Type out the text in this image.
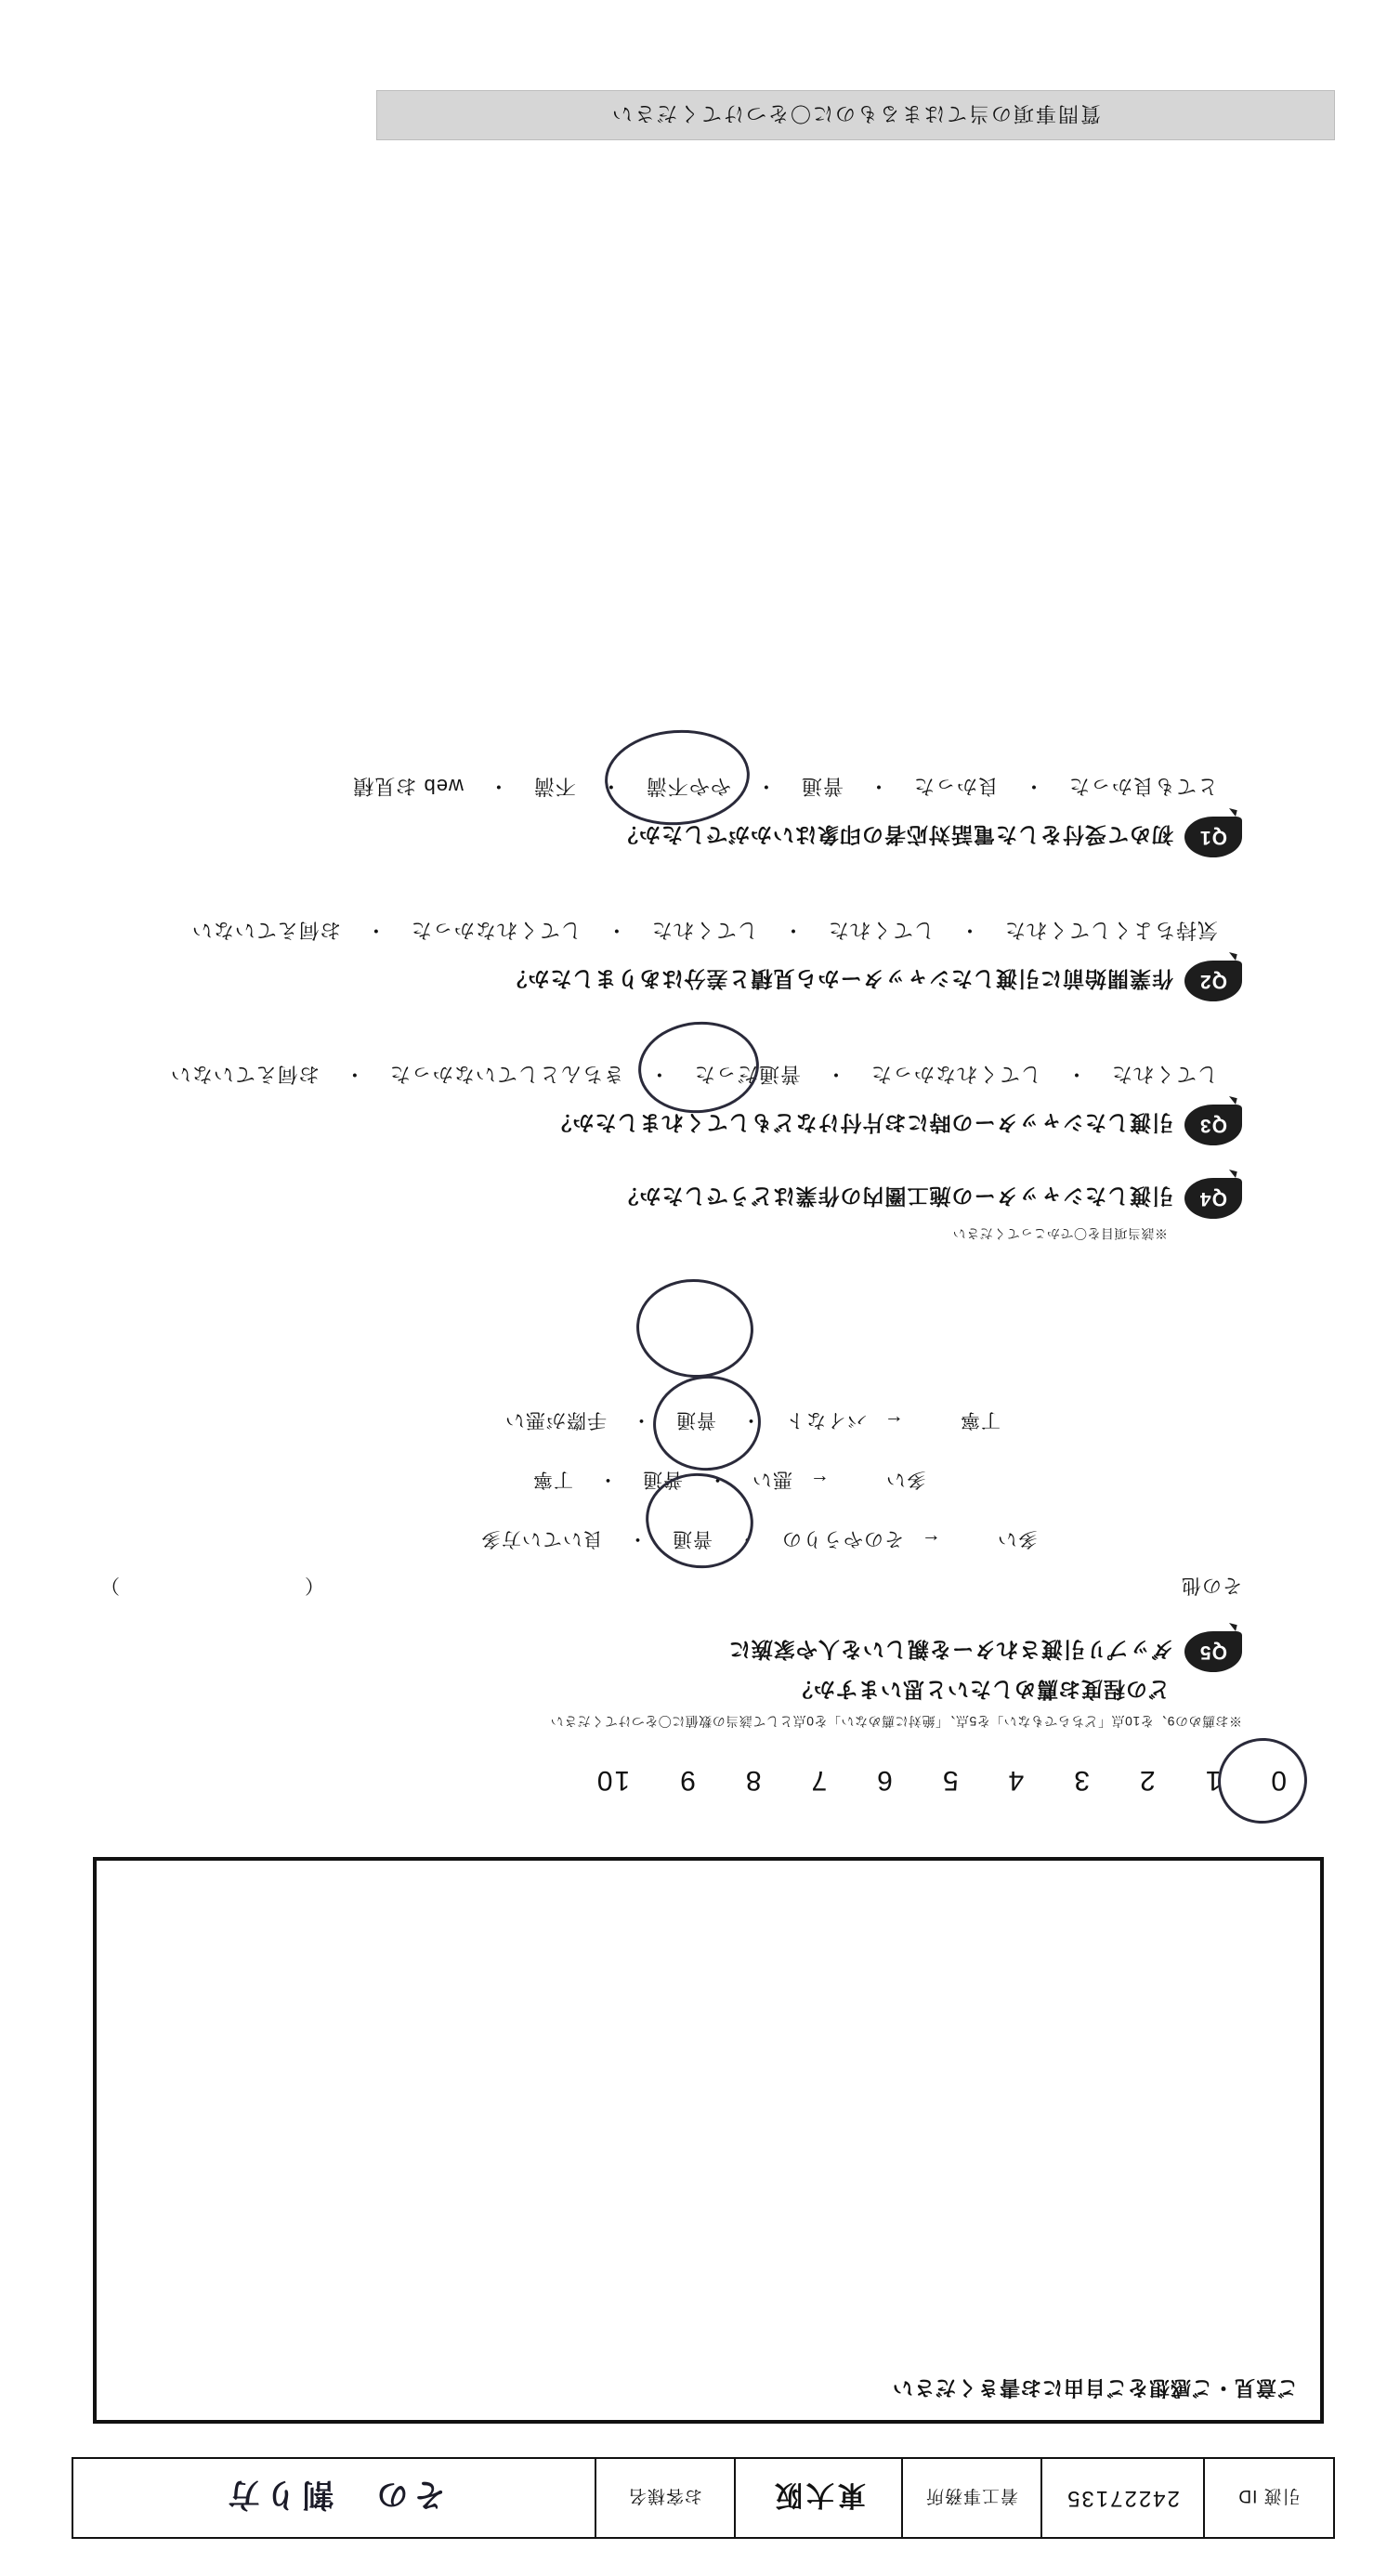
引渡 ID
24227135
着工事務所
東大阪
お客様名
その　割り方
ご意見・ご感想をご自由にお書きください
0
1
2
3
4
5
6
7
8
9
10
※お薦めの9、を10点「どちらでもない」を5点、「絶対に薦めない」を0点として該当の数値に〇をつけてください
どの程度お薦めしたいと思いますか？
Q5
ダップリ引渡されターを親しいを人や家族に
その他
（　　　　　　　　　）
多い
←
そのやうりの
・
普通
・
良いてい方多
多い
←
悪い
・
普通
・
丁寧
丁寧
←
バイなト
・
普通
・
手際が悪い
※該当項目を〇でかこってください
Q4
引渡したシャッターの施工圏内の作業はどうでしたか？
Q3
引渡したシャッターの時にお片付けなどもしてくれましたか？
してくれた
・
してくれなかった
・
普通だった
・
きちんとしていなかった
・
お伺えていない
Q2
作業開始前に引渡したシャッターから見積と差分はありましたか？
気持ちよくしてくれた
・
してくれた
・
してくれた
・
してくれなかった
・
お伺えていない
Q1
初めて受付をした電話対応者の印象はいかがでしたか？
とても良かった
・
良かった
・
普通
・
やや不満
・
不満
・
web お見積
質問事項の当てはまるものに〇をつけてください
